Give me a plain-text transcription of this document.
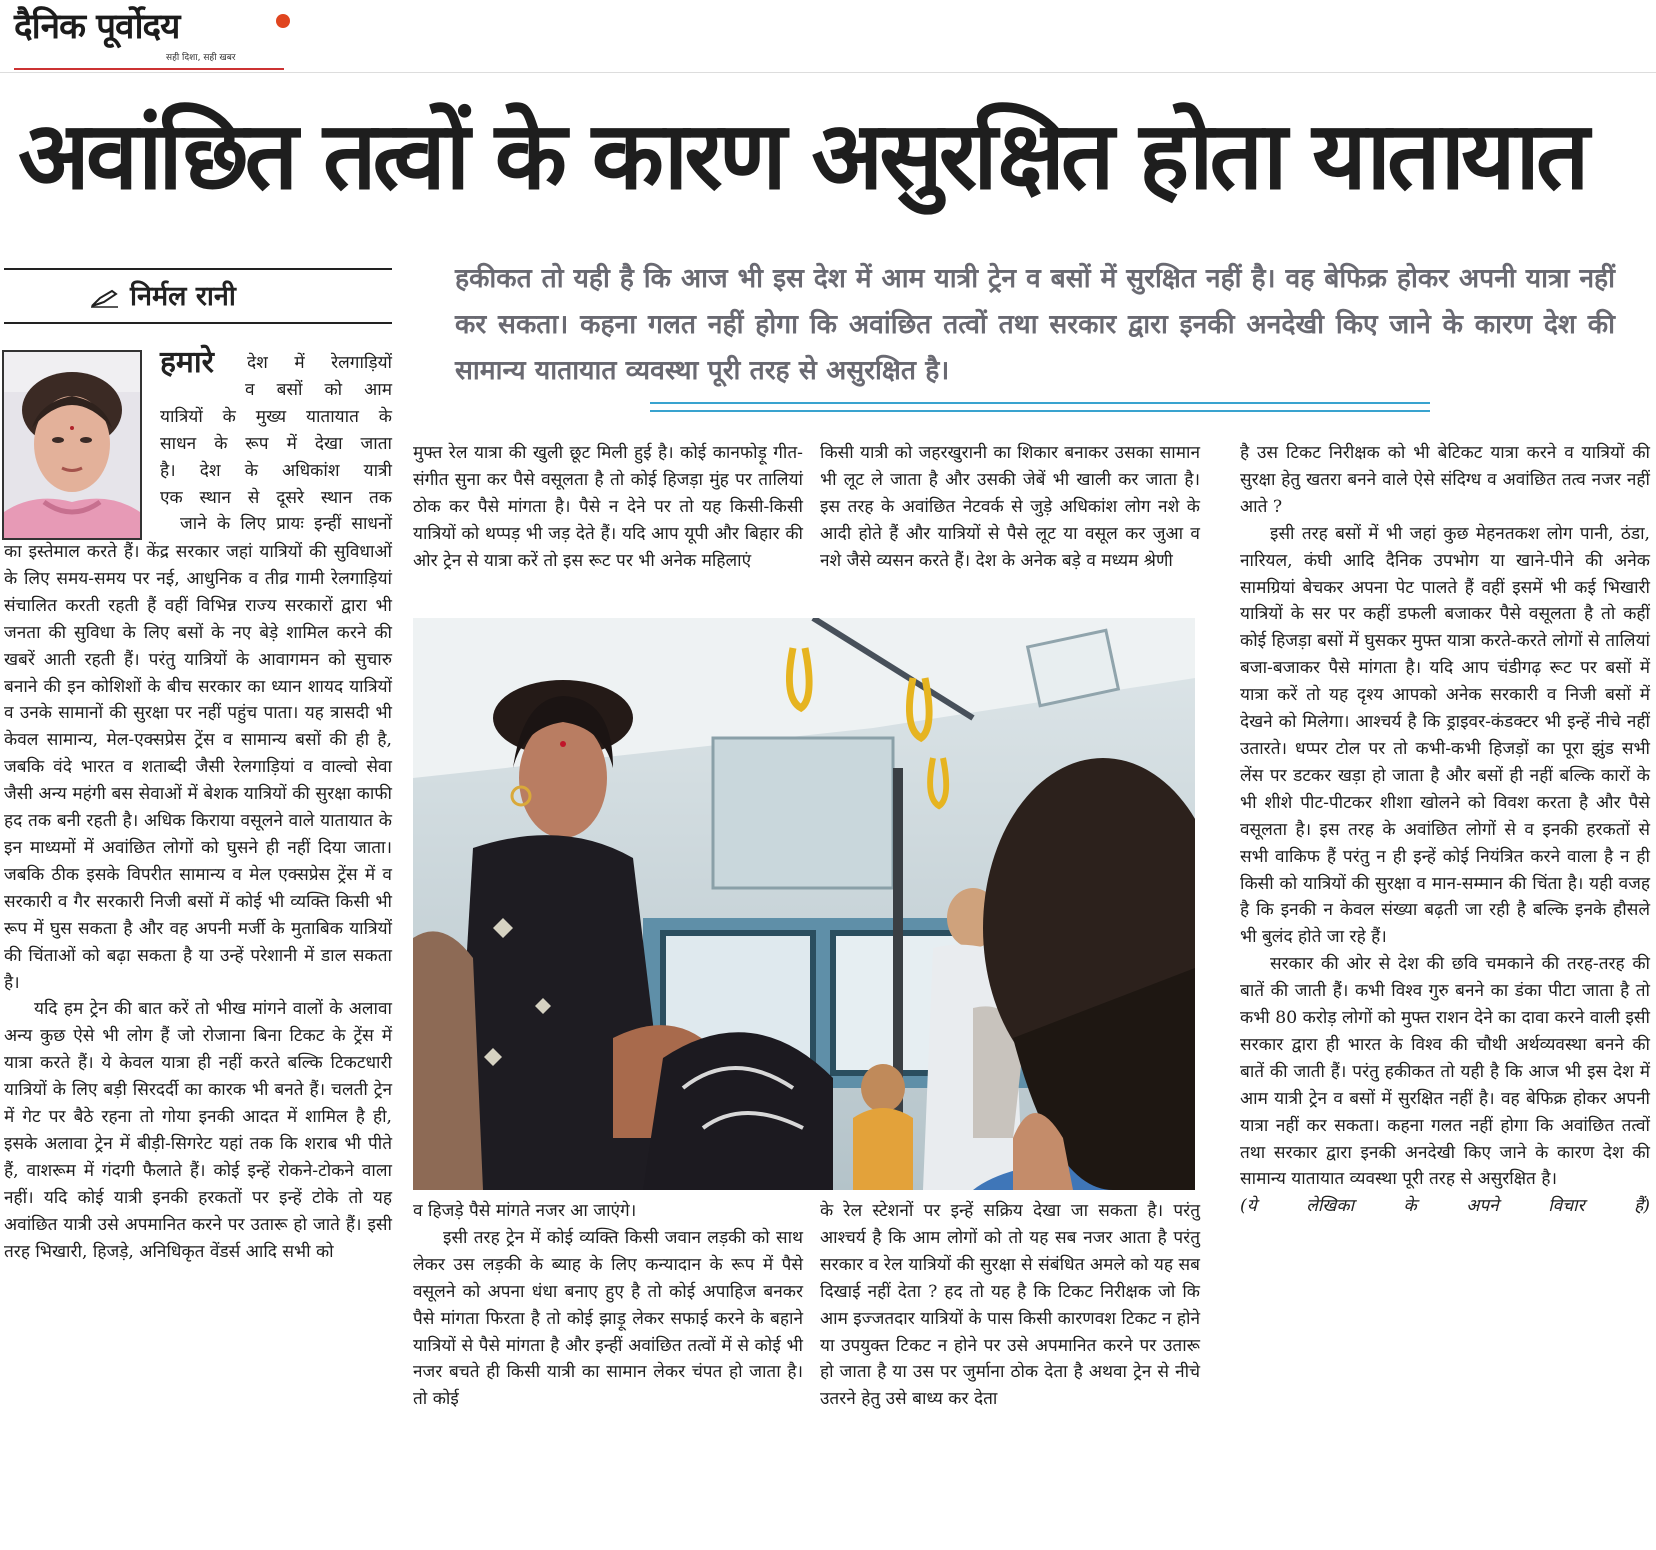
दैनिक पूर्वोदय
सही दिशा, सही खबर
अवांछित तत्वों के कारण असुरक्षित होता यातायात
निर्मल रानी
हकीकत तो यही है कि आज भी इस देश में आम यात्री ट्रेन व बसों में सुरक्षित नहीं है। वह बेफिक्र होकर अपनी यात्रा नहीं कर सकता। कहना गलत नहीं होगा कि अवांछित तत्वों तथा सरकार द्वारा इनकी अनदेखी किए जाने के कारण देश की सामान्य यातायात व्यवस्था पूरी तरह से असुरक्षित है।
हमारे देश में रेलगाड़ियों

व बसों को आम

यात्रियों के मुख्य यातायात के

साधन के रूप में देखा जाता

है। देश के अधिकांश यात्री

एक स्थान से दूसरे स्थान तक

जाने के लिए प्रायः इन्हीं साधनों

का इस्तेमाल करते हैं। केंद्र सरकार जहां यात्रियों की सुविधाओं के लिए समय-समय पर नई, आधुनिक व तीव्र गामी रेलगाड़ियां संचालित करती रहती हैं वहीं विभिन्न राज्य सरकारों द्वारा भी जनता की सुविधा के लिए बसों के नए बेड़े शामिल करने की खबरें आती रहती हैं। परंतु यात्रियों के आवागमन को सुचारु बनाने की इन कोशिशों के बीच सरकार का ध्यान शायद यात्रियों व उनके सामानों की सुरक्षा पर नहीं पहुंच पाता। यह त्रासदी भी केवल सामान्य, मेल-एक्सप्रेस ट्रेंस व सामान्य बसों की ही है, जबकि वंदे भारत व शताब्दी जैसी रेलगाड़ियां व वाल्वो सेवा जैसी अन्य महंगी बस सेवाओं में बेशक यात्रियों की सुरक्षा काफी हद तक बनी रहती है। अधिक किराया वसूलने वाले यातायात के इन माध्यमों में अवांछित लोगों को घुसने ही नहीं दिया जाता। जबकि ठीक इसके विपरीत सामान्य व मेल एक्सप्रेस ट्रेंस में व सरकारी व गैर सरकारी निजी बसों में कोई भी व्यक्ति किसी भी रूप में घुस सकता है और वह अपनी मर्जी के मुताबिक यात्रियों की चिंताओं को बढ़ा सकता है या उन्हें परेशानी में डाल सकता है।

यदि हम ट्रेन की बात करें तो भीख मांगने वालों के अलावा अन्य कुछ ऐसे भी लोग हैं जो रोजाना बिना टिकट के ट्रेंस में यात्रा करते हैं। ये केवल यात्रा ही नहीं करते बल्कि टिकटधारी यात्रियों के लिए बड़ी सिरदर्दी का कारक भी बनते हैं। चलती ट्रेन में गेट पर बैठे रहना तो गोया इनकी आदत में शामिल है ही, इसके अलावा ट्रेन में बीड़ी-सिगरेट यहां तक कि शराब भी पीते हैं, वाशरूम में गंदगी फैलाते हैं। कोई इन्हें रोकने-टोकने वाला नहीं। यदि कोई यात्री इनकी हरकतों पर इन्हें टोके तो यह अवांछित यात्री उसे अपमानित करने पर उतारू हो जाते हैं। इसी तरह भिखारी, हिजड़े, अनिधिकृत वेंडर्स आदि सभी को

मुफ्त रेल यात्रा की खुली छूट मिली हुई है। कोई कानफोड़ू गीत-संगीत सुना कर पैसे वसूलता है तो कोई हिजड़ा मुंह पर तालियां ठोक कर पैसे मांगता है। पैसे न देने पर तो यह किसी-किसी यात्रियों को थप्पड़ भी जड़ देते हैं। यदि आप यूपी और बिहार की ओर ट्रेन से यात्रा करें तो इस रूट पर भी अनेक महिलाएं

किसी यात्री को जहरखुरानी का शिकार बनाकर उसका सामान भी लूट ले जाता है और उसकी जेबें भी खाली कर जाता है। इस तरह के अवांछित नेटवर्क से जुड़े अधिकांश लोग नशे के आदी होते हैं और यात्रियों से पैसे लूट या वसूल कर जुआ व नशे जैसे व्यसन करते हैं। देश के अनेक बड़े व मध्यम श्रेणी

व हिजड़े पैसे मांगते नजर आ जाएंगे।

इसी तरह ट्रेन में कोई व्यक्ति किसी जवान लड़की को साथ लेकर उस लड़की के ब्याह के लिए कन्यादान के रूप में पैसे वसूलने को अपना धंधा बनाए हुए है तो कोई अपाहिज बनकर पैसे मांगता फिरता है तो कोई झाड़ू लेकर सफाई करने के बहाने यात्रियों से पैसे मांगता है और इन्हीं अवांछित तत्वों में से कोई भी नजर बचते ही किसी यात्री का सामान लेकर चंपत हो जाता है। तो कोई

के रेल स्टेशनों पर इन्हें सक्रिय देखा जा सकता है। परंतु आश्चर्य है कि आम लोगों को तो यह सब नजर आता है परंतु सरकार व रेल यात्रियों की सुरक्षा से संबंधित अमले को यह सब दिखाई नहीं देता ? हद तो यह है कि टिकट निरीक्षक जो कि आम इज्जतदार यात्रियों के पास किसी कारणवश टिकट न होने या उपयुक्त टिकट न होने पर उसे अपमानित करने पर उतारू हो जाता है या उस पर जुर्माना ठोक देता है अथवा ट्रेन से नीचे उतरने हेतु उसे बाध्य कर देता

है उस टिकट निरीक्षक को भी बेटिकट यात्रा करने व यात्रियों की सुरक्षा हेतु खतरा बनने वाले ऐसे संदिग्ध व अवांछित तत्व नजर नहीं आते ?

इसी तरह बसों में भी जहां कुछ मेहनतकश लोग पानी, ठंडा, नारियल, कंघी आदि दैनिक उपभोग या खाने-पीने की अनेक सामग्रियां बेचकर अपना पेट पालते हैं वहीं इसमें भी कई भिखारी यात्रियों के सर पर कहीं डफली बजाकर पैसे वसूलता है तो कहीं कोई हिजड़ा बसों में घुसकर मुफ्त यात्रा करते-करते लोगों से तालियां बजा-बजाकर पैसे मांगता है। यदि आप चंडीगढ़ रूट पर बसों में यात्रा करें तो यह दृश्य आपको अनेक सरकारी व निजी बसों में देखने को मिलेगा। आश्चर्य है कि ड्राइवर-कंडक्टर भी इन्हें नीचे नहीं उतारते। धप्पर टोल पर तो कभी-कभी हिजड़ों का पूरा झुंड सभी लेंस पर डटकर खड़ा हो जाता है और बसों ही नहीं बल्कि कारों के भी शीशे पीट-पीटकर शीशा खोलने को विवश करता है और पैसे वसूलता है। इस तरह के अवांछित लोगों से व इनकी हरकतों से सभी वाकिफ हैं परंतु न ही इन्हें कोई नियंत्रित करने वाला है न ही किसी को यात्रियों की सुरक्षा व मान-सम्मान की चिंता है। यही वजह है कि इनकी न केवल संख्या बढ़ती जा रही है बल्कि इनके हौसले भी बुलंद होते जा रहे हैं।

सरकार की ओर से देश की छवि चमकाने की तरह-तरह की बातें की जाती हैं। कभी विश्व गुरु बनने का डंका पीटा जाता है तो कभी 80 करोड़ लोगों को मुफ्त राशन देने का दावा करने वाली इसी सरकार द्वारा ही भारत के विश्व की चौथी अर्थव्यवस्था बनने की बातें की जाती हैं। परंतु हकीकत तो यही है कि आज भी इस देश में आम यात्री ट्रेन व बसों में सुरक्षित नहीं है। वह बेफिक्र होकर अपनी यात्रा नहीं कर सकता। कहना गलत नहीं होगा कि अवांछित तत्वों तथा सरकार द्वारा इनकी अनदेखी किए जाने के कारण देश की सामान्य यातायात व्यवस्था पूरी तरह से असुरक्षित है।

(ये लेखिका के अपने विचार हैं)
